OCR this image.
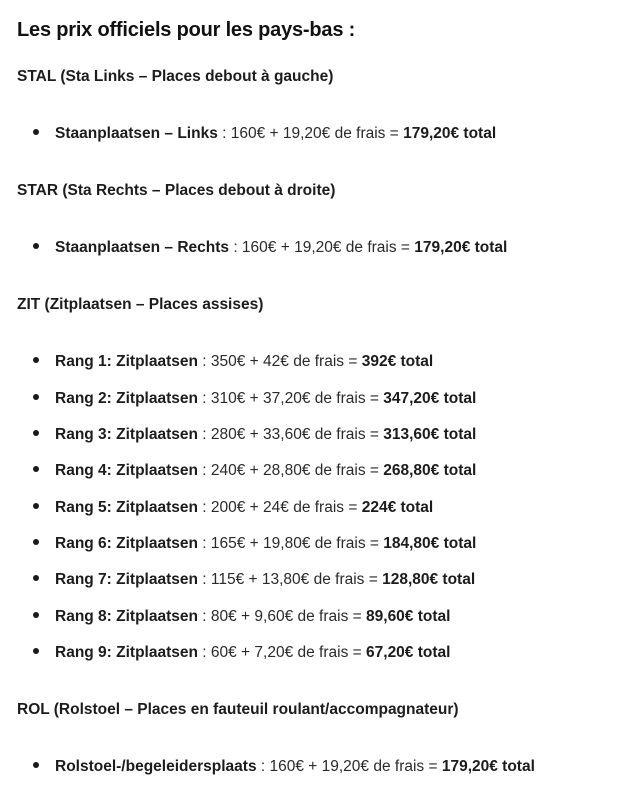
Les prix officiels pour les pays-bas :
STAL (Sta Links – Places debout à gauche)
Staanplaatsen – Links : 160€ + 19,20€ de frais = 179,20€ total
STAR (Sta Rechts – Places debout à droite)
Staanplaatsen – Rechts : 160€ + 19,20€ de frais = 179,20€ total
ZIT (Zitplaatsen – Places assises)
Rang 1: Zitplaatsen : 350€ + 42€ de frais = 392€ total
Rang 2: Zitplaatsen : 310€ + 37,20€ de frais = 347,20€ total
Rang 3: Zitplaatsen : 280€ + 33,60€ de frais = 313,60€ total
Rang 4: Zitplaatsen : 240€ + 28,80€ de frais = 268,80€ total
Rang 5: Zitplaatsen : 200€ + 24€ de frais = 224€ total
Rang 6: Zitplaatsen : 165€ + 19,80€ de frais = 184,80€ total
Rang 7: Zitplaatsen : 115€ + 13,80€ de frais = 128,80€ total
Rang 8: Zitplaatsen : 80€ + 9,60€ de frais = 89,60€ total
Rang 9: Zitplaatsen : 60€ + 7,20€ de frais = 67,20€ total
ROL (Rolstoel – Places en fauteuil roulant/accompagnateur)
Rolstoel-/begeleidersplaats : 160€ + 19,20€ de frais = 179,20€ total
